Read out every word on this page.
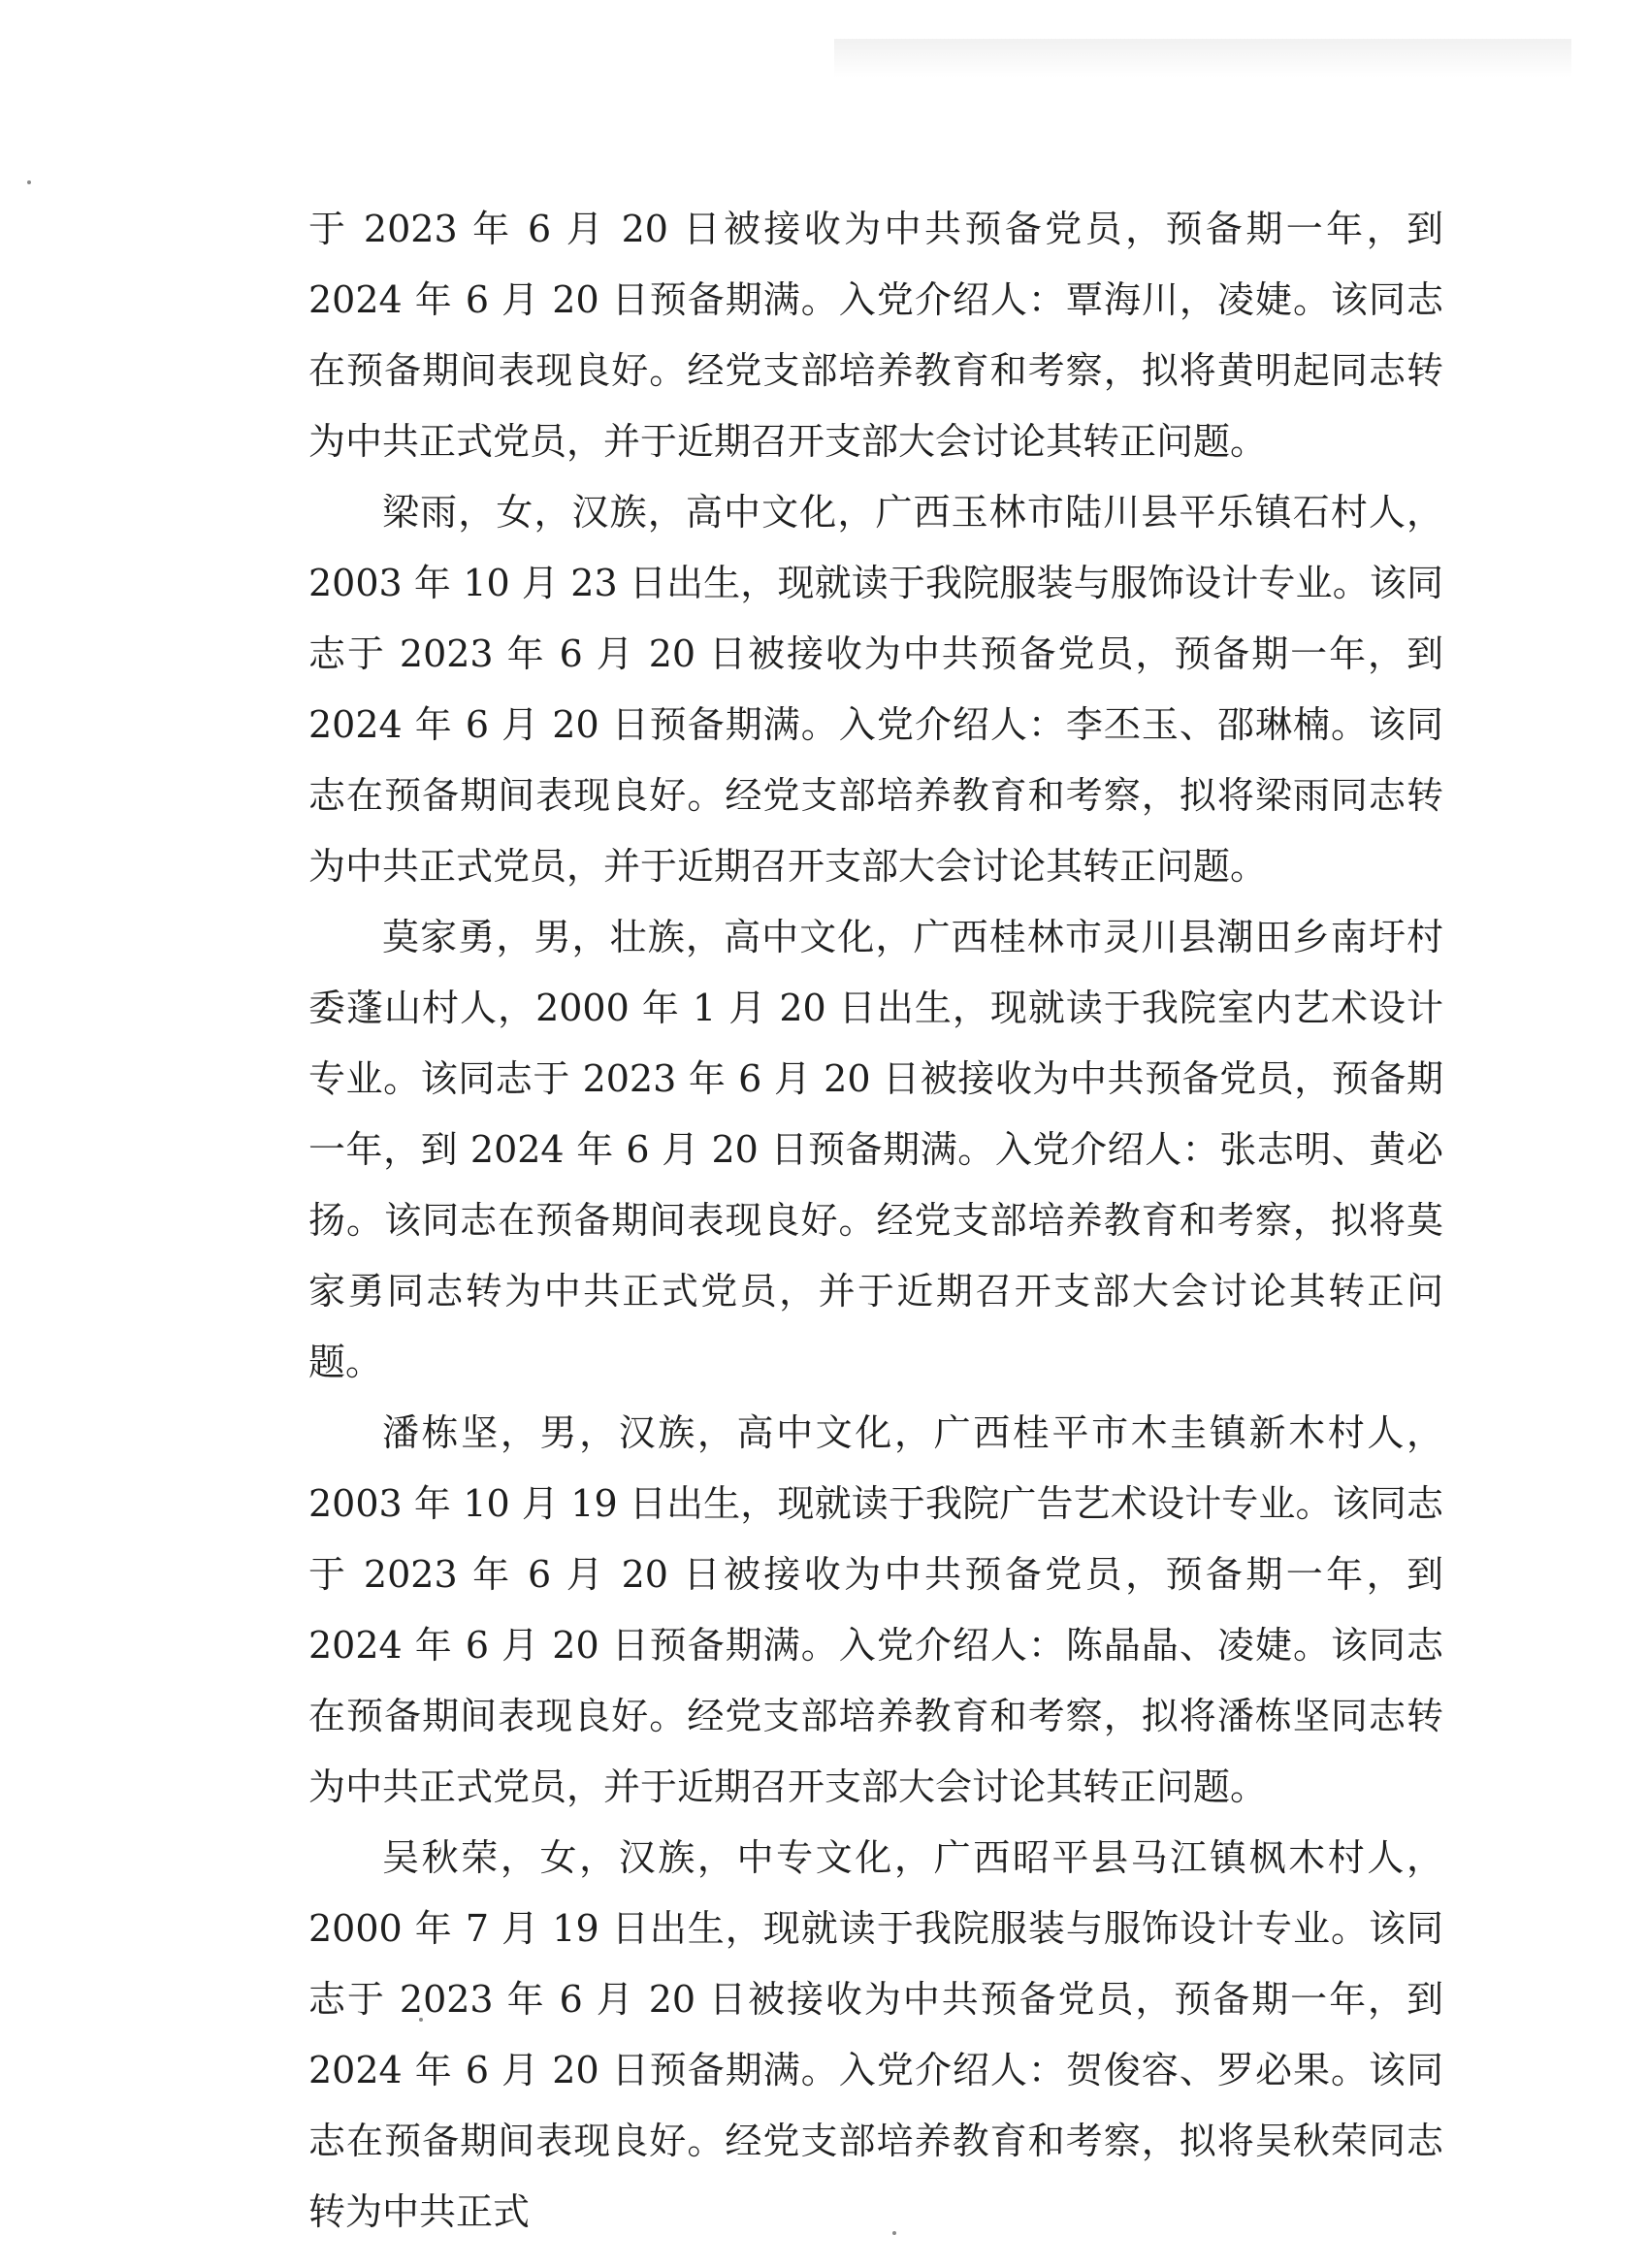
于 2023 年 6 月 20 日被接收为中共预备党员，预备期一年，到 2024 年 6 月 20 日预备期满。入党介绍人：覃海川，凌婕。该同志在预备期间表现良好。经党支部培养教育和考察，拟将黄明起同志转为中共正式党员，并于近期召开支部大会讨论其转正问题。

梁雨，女，汉族，高中文化，广西玉林市陆川县平乐镇石村人，2003 年 10 月 23 日出生，现就读于我院服装与服饰设计专业。该同志于 2023 年 6 月 20 日被接收为中共预备党员，预备期一年，到 2024 年 6 月 20 日预备期满。入党介绍人：李丕玉、邵琳楠。该同志在预备期间表现良好。经党支部培养教育和考察，拟将梁雨同志转为中共正式党员，并于近期召开支部大会讨论其转正问题。

莫家勇，男，壮族，高中文化，广西桂林市灵川县潮田乡南圩村委蓬山村人，2000 年 1 月 20 日出生，现就读于我院室内艺术设计专业。该同志于 2023 年 6 月 20 日被接收为中共预备党员，预备期一年，到 2024 年 6 月 20 日预备期满。入党介绍人：张志明、黄必扬。该同志在预备期间表现良好。经党支部培养教育和考察，拟将莫家勇同志转为中共正式党员，并于近期召开支部大会讨论其转正问题。

潘栋坚，男，汉族，高中文化，广西桂平市木圭镇新木村人，2003 年 10 月 19 日出生，现就读于我院广告艺术设计专业。该同志于 2023 年 6 月 20 日被接收为中共预备党员，预备期一年，到 2024 年 6 月 20 日预备期满。入党介绍人：陈晶晶、凌婕。该同志在预备期间表现良好。经党支部培养教育和考察，拟将潘栋坚同志转为中共正式党员，并于近期召开支部大会讨论其转正问题。

吴秋荣，女，汉族，中专文化，广西昭平县马江镇枫木村人，2000 年 7 月 19 日出生，现就读于我院服装与服饰设计专业。该同志于 2023 年 6 月 20 日被接收为中共预备党员，预备期一年，到 2024 年 6 月 20 日预备期满。入党介绍人：贺俊容、罗必果。该同志在预备期间表现良好。经党支部培养教育和考察，拟将吴秋荣同志转为中共正式
